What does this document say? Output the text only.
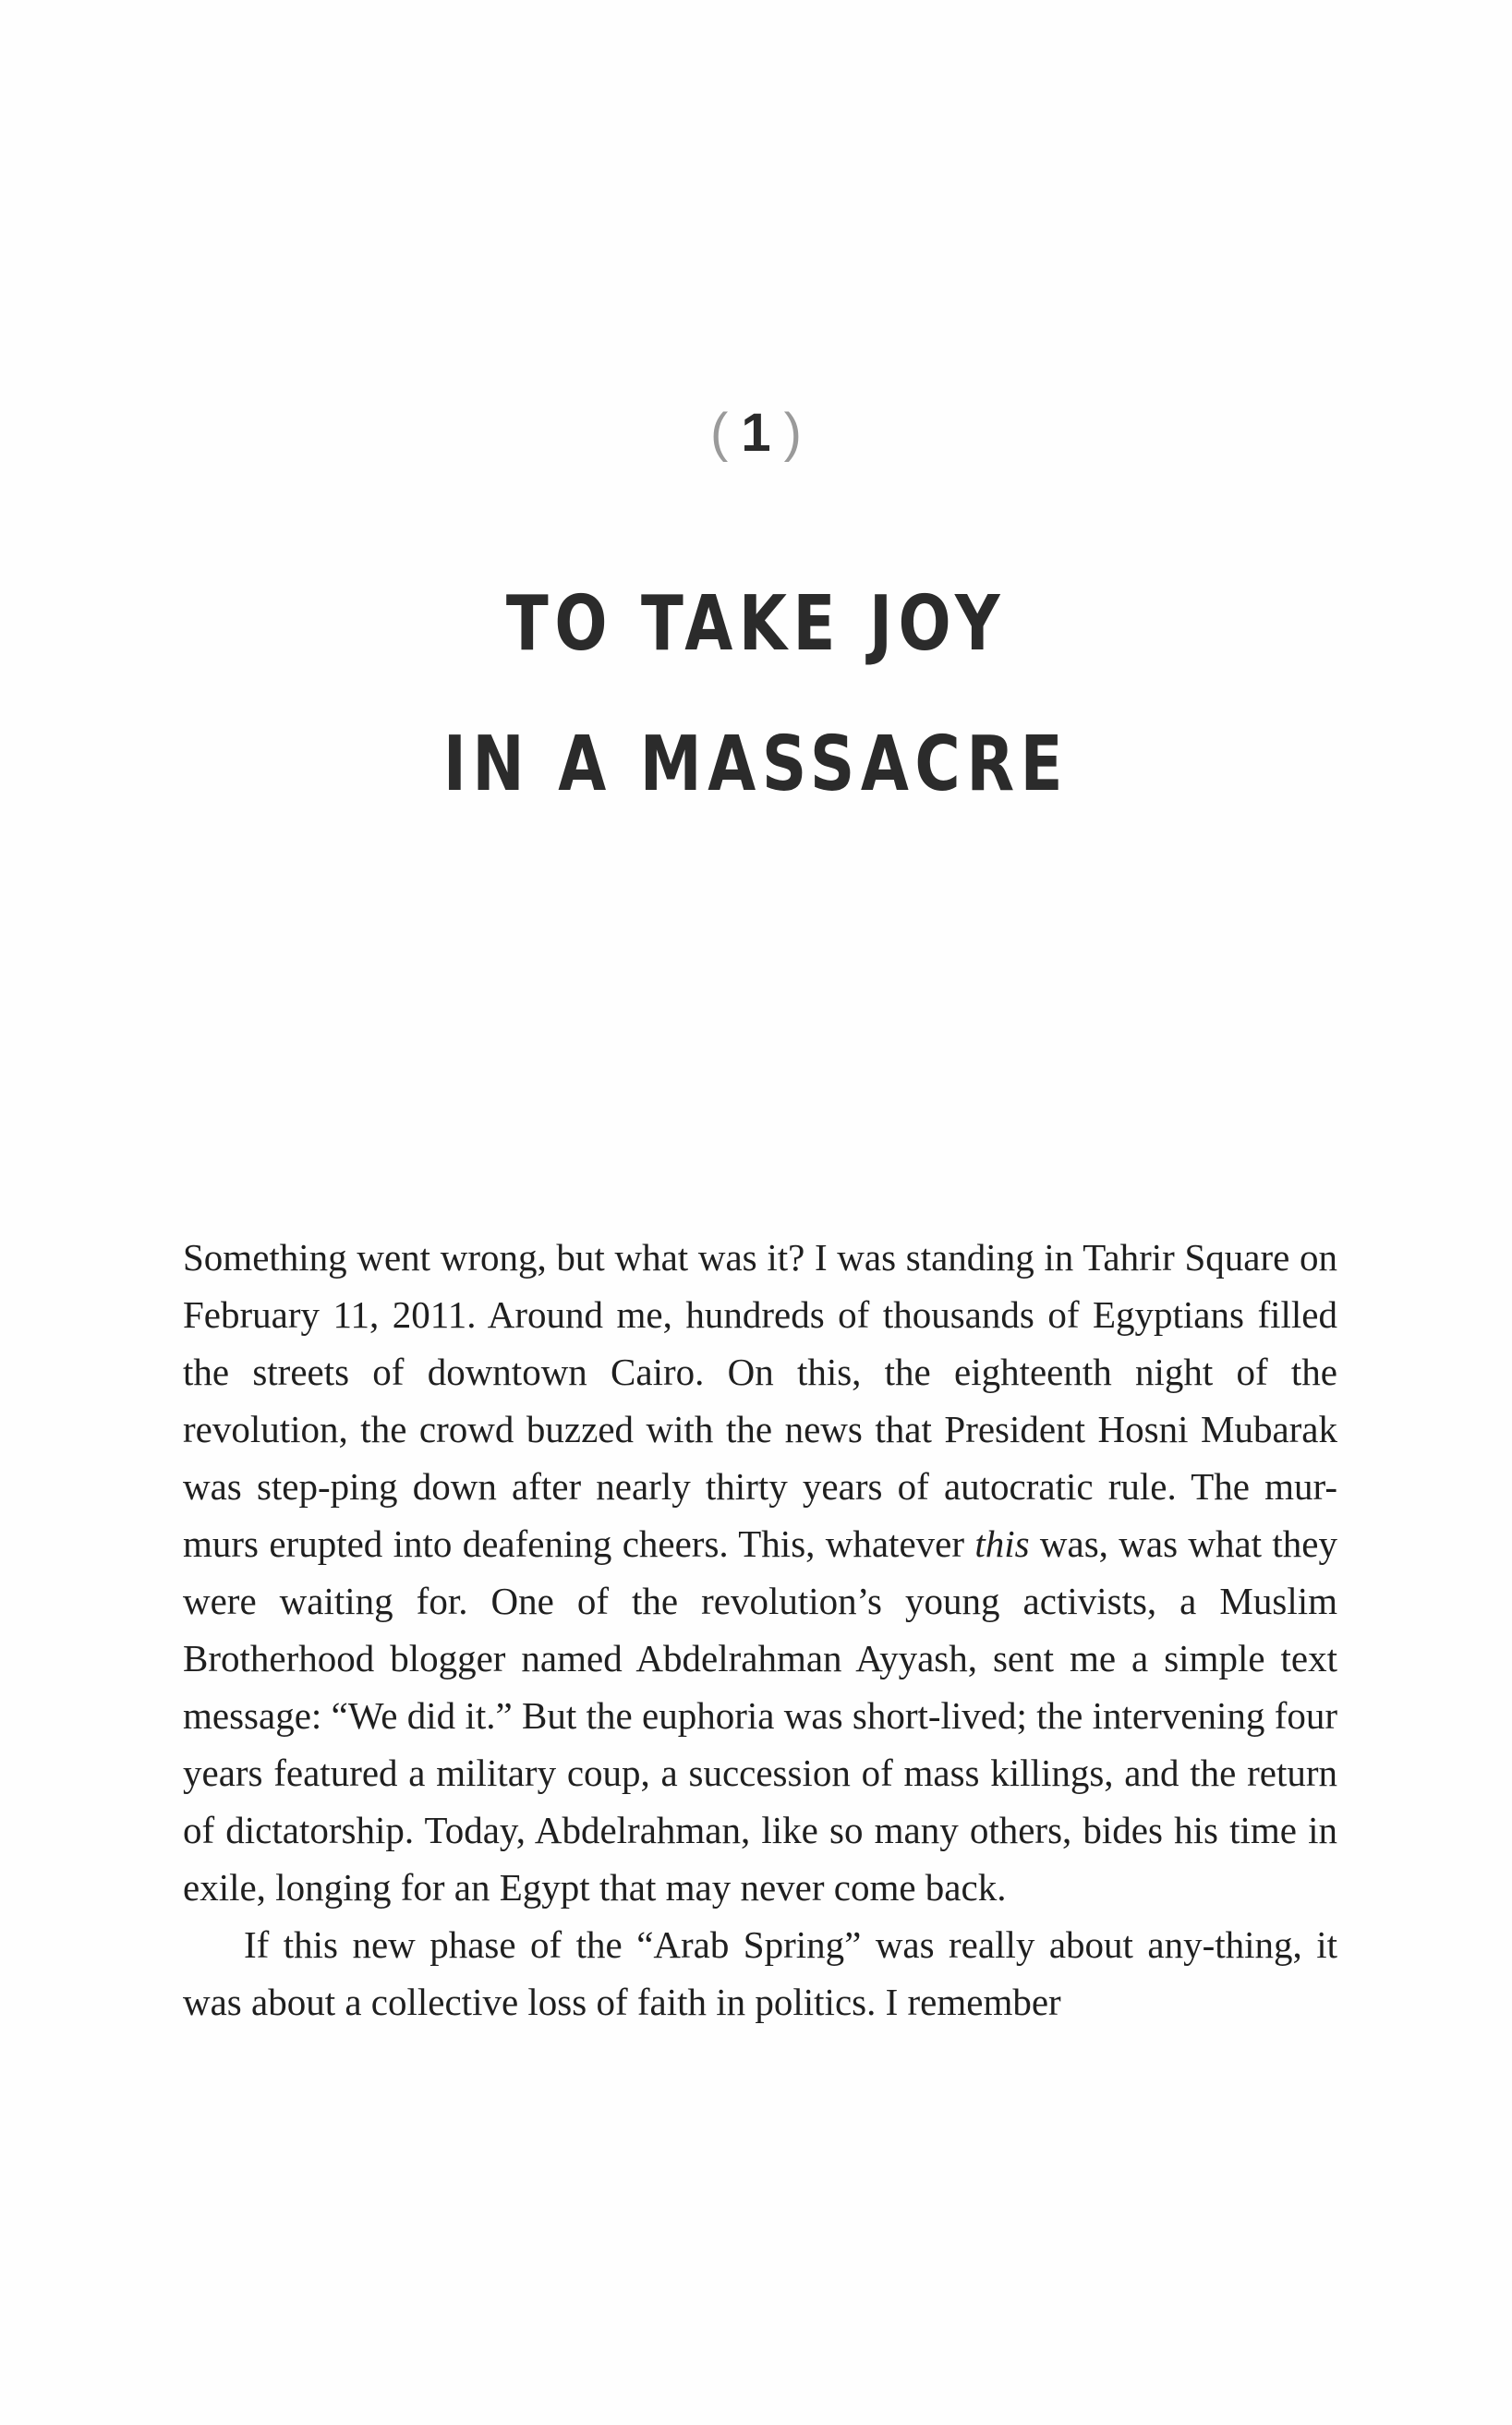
( 1 )
TO TAKE JOY
IN A MASSACRE

Something went wrong, but what was it? I was standing in Tahrir Square on February 11, 2011. Around me, hundreds of thousands of Egyptians filled the streets of downtown Cairo. On this, the eighteenth night of the revolution, the crowd buzzed with the news that President Hosni Mubarak was step-ping down after nearly thirty years of autocratic rule. The mur-murs erupted into deafening cheers. This, whatever this was, was what they were waiting for. One of the revolution’s young activists, a Muslim Brotherhood blogger named Abdelrahman Ayyash, sent me a simple text message: “We did it.” But the euphoria was short-lived; the intervening four years featured a military coup, a succession of mass killings, and the return of dictatorship. Today, Abdelrahman, like so many others, bides his time in exile, longing for an Egypt that may never come back.

If this new phase of the “Arab Spring” was really about any-thing, it was about a collective loss of faith in politics. I remember
